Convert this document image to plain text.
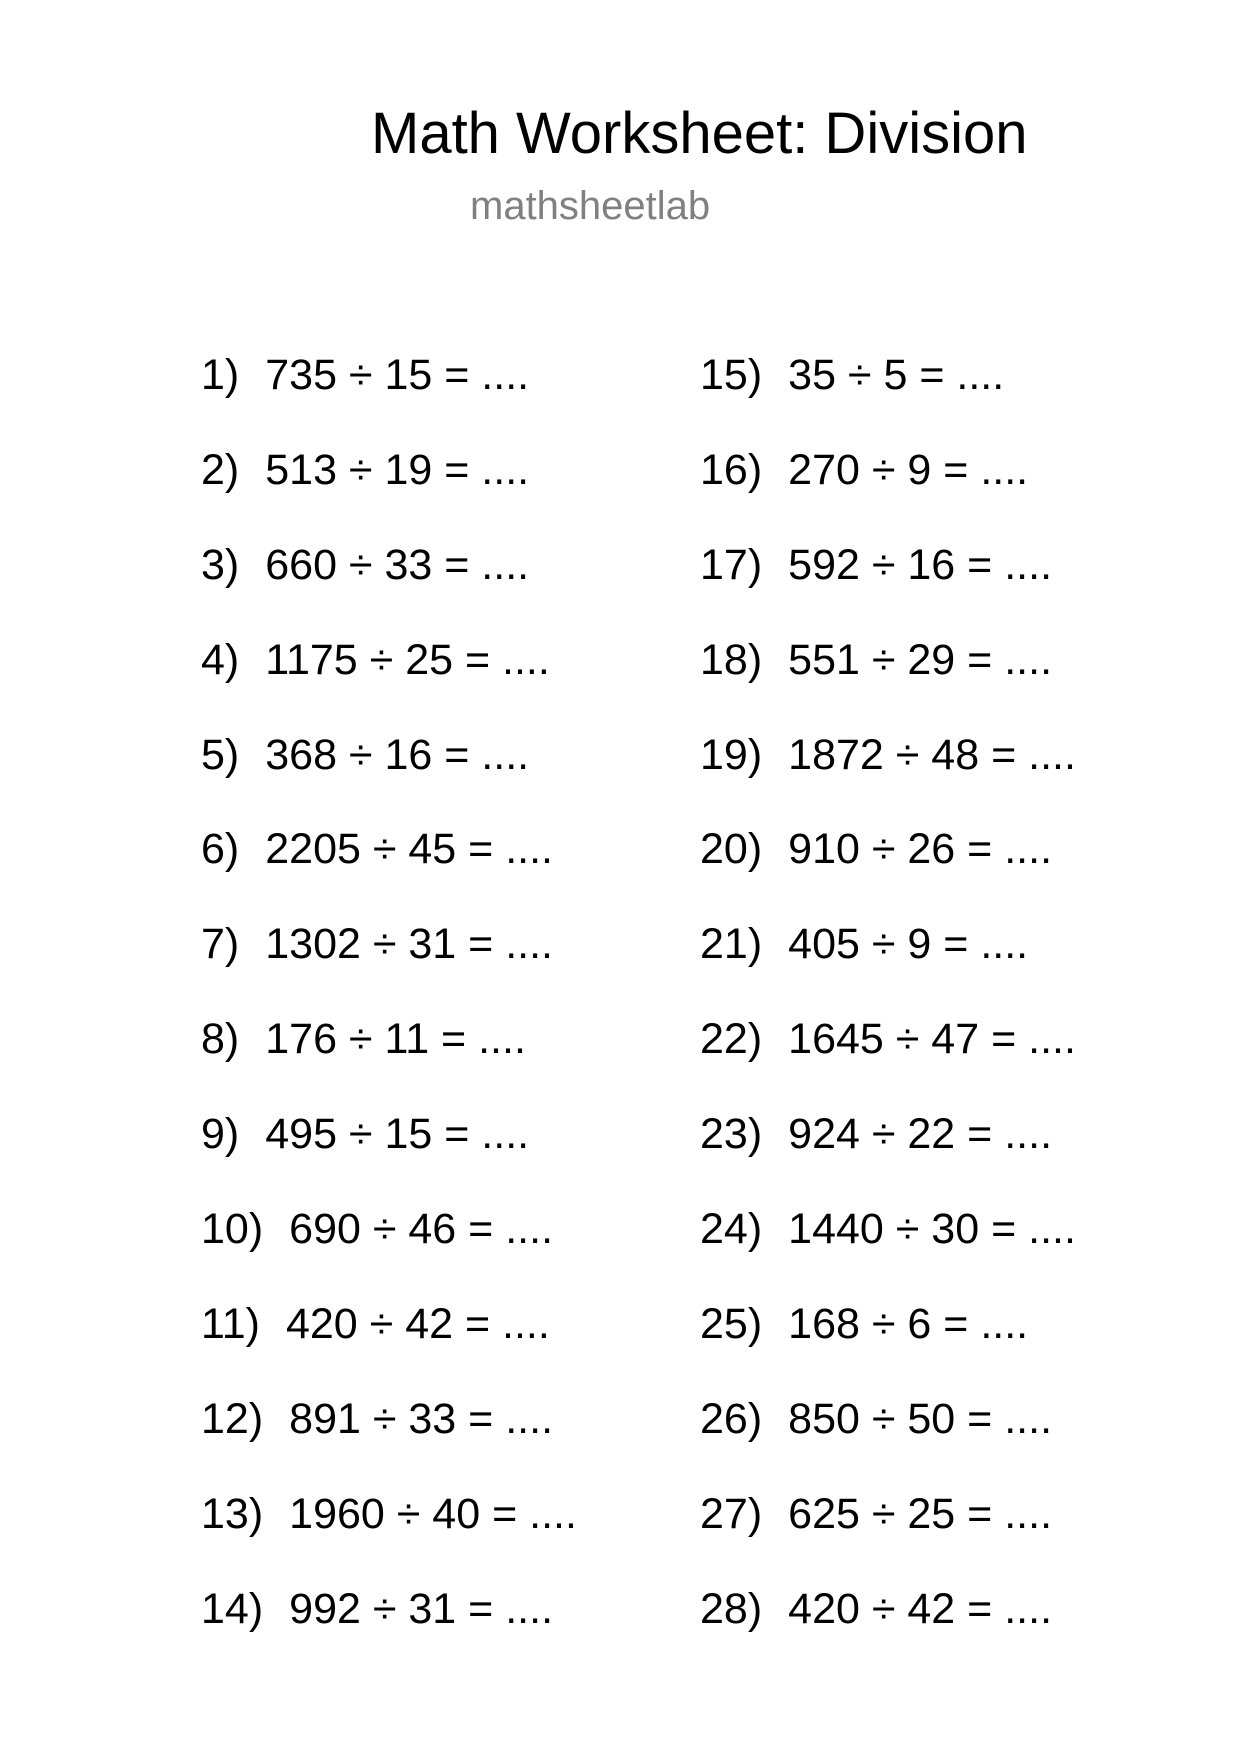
Math Worksheet: Division
mathsheetlab
1) 735 ÷ 15 = ....
2) 513 ÷ 19 = ....
3) 660 ÷ 33 = ....
4) 1175 ÷ 25 = ....
5) 368 ÷ 16 = ....
6) 2205 ÷ 45 = ....
7) 1302 ÷ 31 = ....
8) 176 ÷ 11 = ....
9) 495 ÷ 15 = ....
10) 690 ÷ 46 = ....
11) 420 ÷ 42 = ....
12) 891 ÷ 33 = ....
13) 1960 ÷ 40 = ....
14) 992 ÷ 31 = ....
15) 35 ÷ 5 = ....
16) 270 ÷ 9 = ....
17) 592 ÷ 16 = ....
18) 551 ÷ 29 = ....
19) 1872 ÷ 48 = ....
20) 910 ÷ 26 = ....
21) 405 ÷ 9 = ....
22) 1645 ÷ 47 = ....
23) 924 ÷ 22 = ....
24) 1440 ÷ 30 = ....
25) 168 ÷ 6 = ....
26) 850 ÷ 50 = ....
27) 625 ÷ 25 = ....
28) 420 ÷ 42 = ....
